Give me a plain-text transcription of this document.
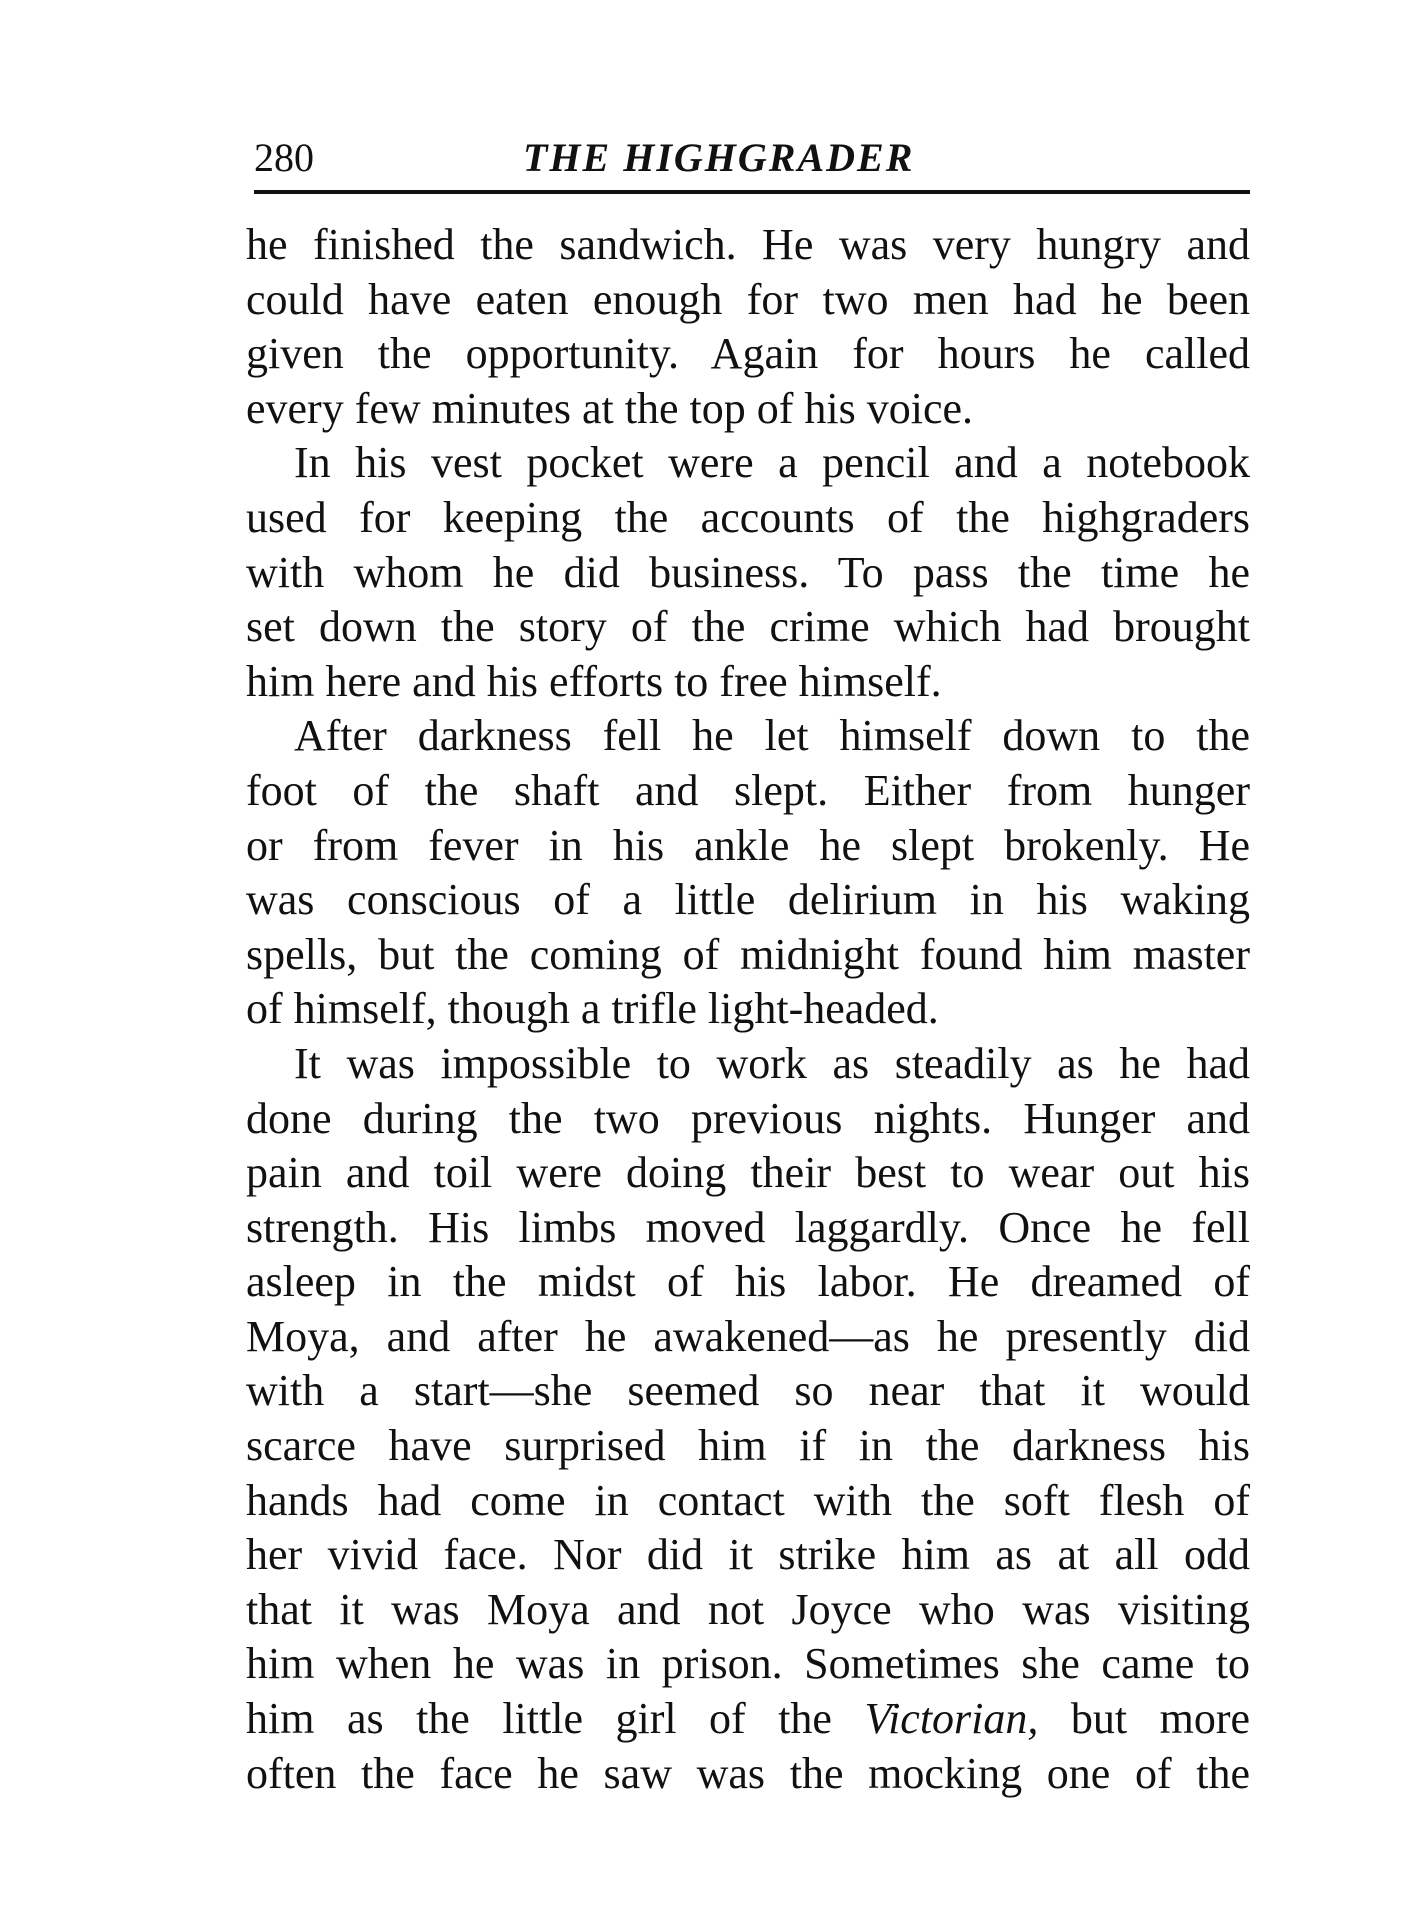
280	THE HIGHGRADER
he finished the sandwich. He was very hungry and
could have eaten enough for two men had he been
given the opportunity. Again for hours he called
every few minutes at the top of his voice.
In his vest pocket were a pencil and a notebook
used for keeping the accounts of the highgraders
with whom he did business. To pass the time he
set down the story of the crime which had brought
him here and his efforts to free himself.
After darkness fell he let himself down to the
foot of the shaft and slept. Either from hunger
or from fever in his ankle he slept brokenly. He
was conscious of a little delirium in his waking
spells, but the coming of midnight found him master
of himself, though a trifle light-headed.
It was impossible to work as steadily as he had
done during the two previous nights. Hunger and
pain and toil were doing their best to wear out his
strength. His limbs moved laggardly. Once he fell
asleep in the midst of his labor. He dreamed of
Moya, and after he awakened—as he presently did
with a start—she seemed so near that it would
scarce have surprised him if in the darkness his
hands had come in contact with the soft flesh of
her vivid face. Nor did it strike him as at all odd
that it was Moya and not Joyce who was visiting
him when he was in prison. Sometimes she came to
him as the little girl of the Victorian, but more
often the face he saw was the mocking one of the
